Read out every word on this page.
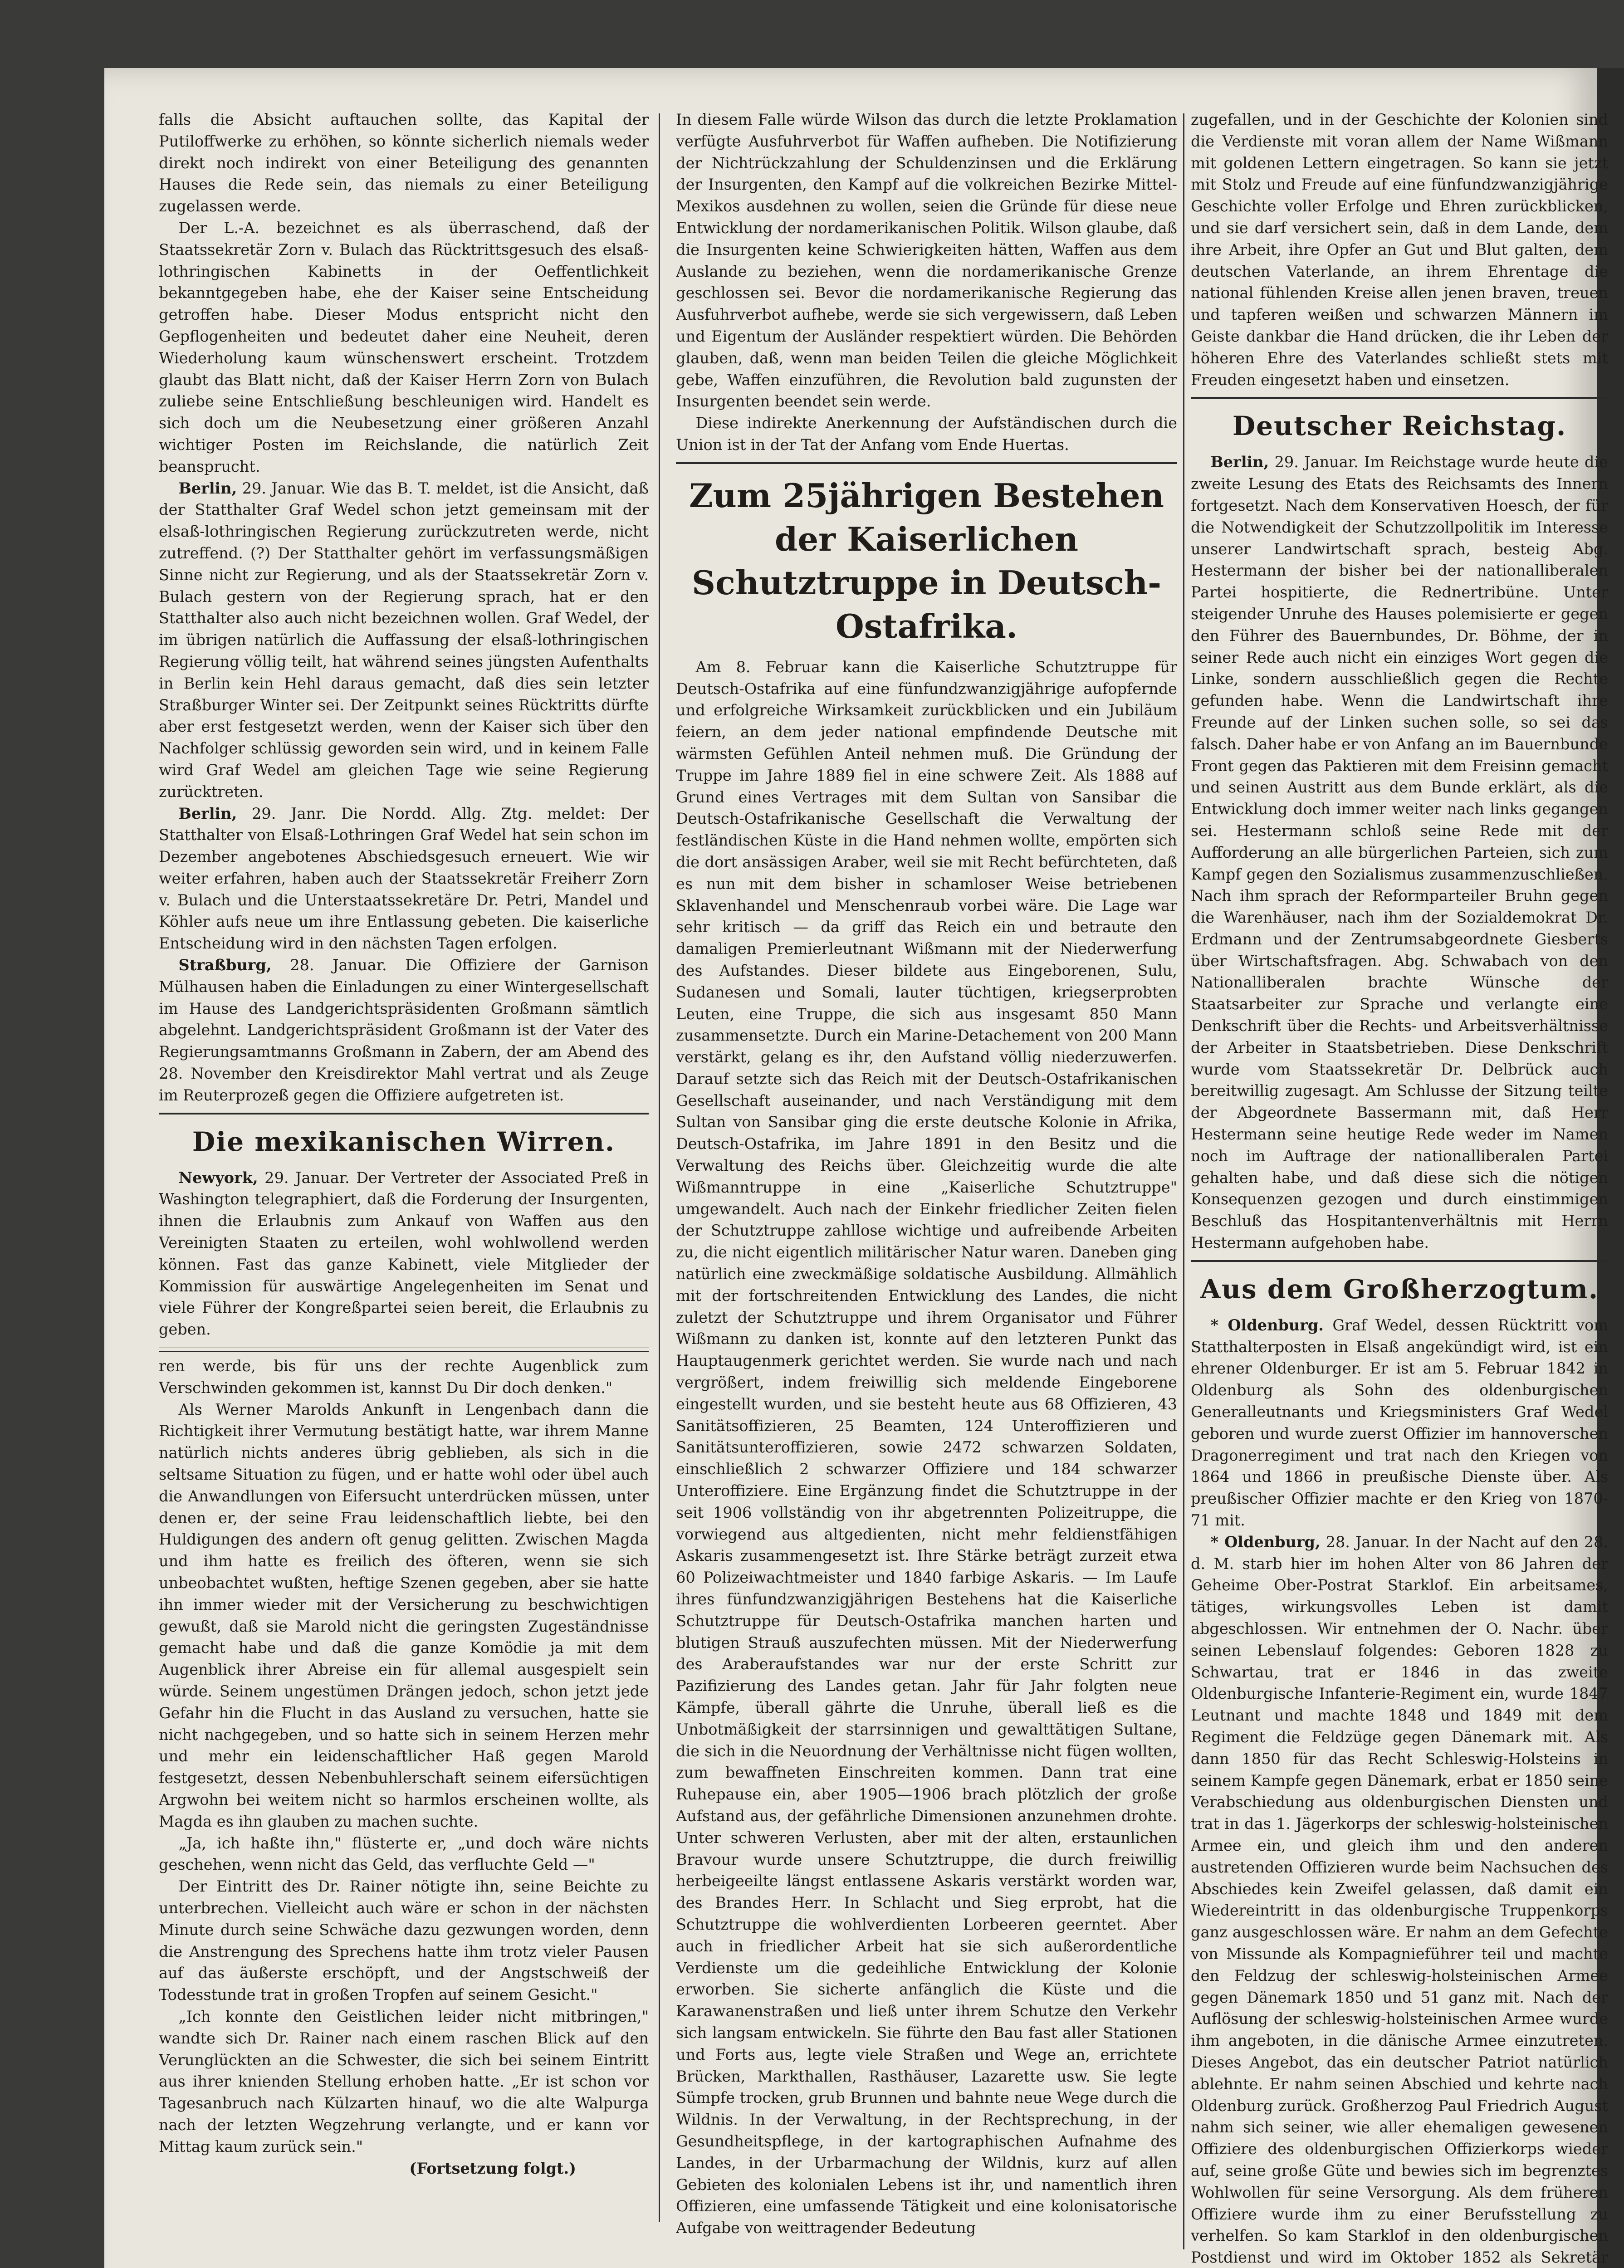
falls die Absicht auftauchen sollte, das Kapital der Putiloffwerke zu erhöhen, so könnte sicherlich niemals weder direkt noch indirekt von einer Beteiligung des genannten Hauses die Rede sein, das niemals zu einer Beteiligung zugelassen werde.

Der L.-A. bezeichnet es als überraschend, daß der Staatssekretär Zorn v. Bulach das Rücktrittsgesuch des elsaß-lothringischen Kabinetts in der Oeffentlichkeit bekanntgegeben habe, ehe der Kaiser seine Entscheidung getroffen habe. Dieser Modus entspricht nicht den Gepflogenheiten und bedeutet daher eine Neuheit, deren Wiederholung kaum wünschenswert erscheint. Trotzdem glaubt das Blatt nicht, daß der Kaiser Herrn Zorn von Bulach zuliebe seine Entschließung beschleunigen wird. Handelt es sich doch um die Neubesetzung einer größeren Anzahl wichtiger Posten im Reichslande, die natürlich Zeit beansprucht.

Berlin, 29. Januar. Wie das B. T. meldet, ist die Ansicht, daß der Statthalter Graf Wedel schon jetzt gemeinsam mit der elsaß-lothringischen Regierung zurückzutreten werde, nicht zutreffend. (?) Der Statthalter gehört im verfassungsmäßigen Sinne nicht zur Regierung, und als der Staatssekretär Zorn v. Bulach gestern von der Regierung sprach, hat er den Statthalter also auch nicht bezeichnen wollen. Graf Wedel, der im übrigen natürlich die Auffassung der elsaß-lothringischen Regierung völlig teilt, hat während seines jüngsten Aufenthalts in Berlin kein Hehl daraus gemacht, daß dies sein letzter Straßburger Winter sei. Der Zeitpunkt seines Rücktritts dürfte aber erst festgesetzt werden, wenn der Kaiser sich über den Nachfolger schlüssig geworden sein wird, und in keinem Falle wird Graf Wedel am gleichen Tage wie seine Regierung zurücktreten.

Berlin, 29. Janr. Die Nordd. Allg. Ztg. meldet: Der Statthalter von Elsaß-Lothringen Graf Wedel hat sein schon im Dezember angebotenes Abschiedsgesuch erneuert. Wie wir weiter erfahren, haben auch der Staatssekretär Freiherr Zorn v. Bulach und die Unterstaatssekretäre Dr. Petri, Mandel und Köhler aufs neue um ihre Entlassung gebeten. Die kaiserliche Entscheidung wird in den nächsten Tagen erfolgen.

Straßburg, 28. Januar. Die Offiziere der Garnison Mülhausen haben die Einladungen zu einer Wintergesellschaft im Hause des Landgerichtspräsidenten Großmann sämtlich abgelehnt. Landgerichtspräsident Großmann ist der Vater des Regierungsamtmanns Großmann in Zabern, der am Abend des 28. November den Kreisdirektor Mahl vertrat und als Zeuge im Reuterprozeß gegen die Offiziere aufgetreten ist.

Die mexikanischen Wirren.

Newyork, 29. Januar. Der Vertreter der Associated Preß in Washington telegraphiert, daß die Forderung der Insurgenten, ihnen die Erlaubnis zum Ankauf von Waffen aus den Vereinigten Staaten zu erteilen, wohl wohlwollend werden können. Fast das ganze Kabinett, viele Mitglieder der Kommission für auswärtige Angelegenheiten im Senat und viele Führer der Kongreßpartei seien bereit, die Erlaubnis zu geben.

ren werde, bis für uns der rechte Augenblick zum Verschwinden gekommen ist, kannst Du Dir doch denken."

Als Werner Marolds Ankunft in Lengenbach dann die Richtigkeit ihrer Vermutung bestätigt hatte, war ihrem Manne natürlich nichts anderes übrig geblieben, als sich in die seltsame Situation zu fügen, und er hatte wohl oder übel auch die Anwandlungen von Eifersucht unterdrücken müssen, unter denen er, der seine Frau leidenschaftlich liebte, bei den Huldigungen des andern oft genug gelitten. Zwischen Magda und ihm hatte es freilich des öfteren, wenn sie sich unbeobachtet wußten, heftige Szenen gegeben, aber sie hatte ihn immer wieder mit der Versicherung zu beschwichtigen gewußt, daß sie Marold nicht die geringsten Zugeständnisse gemacht habe und daß die ganze Komödie ja mit dem Augenblick ihrer Abreise ein für allemal ausgespielt sein würde. Seinem ungestümen Drängen jedoch, schon jetzt jede Gefahr hin die Flucht in das Ausland zu versuchen, hatte sie nicht nachgegeben, und so hatte sich in seinem Herzen mehr und mehr ein leidenschaftlicher Haß gegen Marold festgesetzt, dessen Nebenbuhlerschaft seinem eifersüchtigen Argwohn bei weitem nicht so harmlos erscheinen wollte, als Magda es ihn glauben zu machen suchte.

„Ja, ich haßte ihn," flüsterte er, „und doch wäre nichts geschehen, wenn nicht das Geld, das verfluchte Geld —"

Der Eintritt des Dr. Rainer nötigte ihn, seine Beichte zu unterbrechen. Vielleicht auch wäre er schon in der nächsten Minute durch seine Schwäche dazu gezwungen worden, denn die Anstrengung des Sprechens hatte ihm trotz vieler Pausen auf das äußerste erschöpft, und der Angstschweiß der Todesstunde trat in großen Tropfen auf seinem Gesicht."

„Ich konnte den Geistlichen leider nicht mitbringen," wandte sich Dr. Rainer nach einem raschen Blick auf den Verunglückten an die Schwester, die sich bei seinem Eintritt aus ihrer knienden Stellung erhoben hatte. „Er ist schon vor Tagesanbruch nach Külzarten hinauf, wo die alte Walpurga nach der letzten Wegzehrung verlangte, und er kann vor Mittag kaum zurück sein."

(Fortsetzung folgt.)

In diesem Falle würde Wilson das durch die letzte Proklamation verfügte Ausfuhrverbot für Waffen aufheben. Die Notifizierung der Nichtrückzahlung der Schuldenzinsen und die Erklärung der Insurgenten, den Kampf auf die volkreichen Bezirke Mittel-Mexikos ausdehnen zu wollen, seien die Gründe für diese neue Entwicklung der nordamerikanischen Politik. Wilson glaube, daß die Insurgenten keine Schwierigkeiten hätten, Waffen aus dem Auslande zu beziehen, wenn die nordamerikanische Grenze geschlossen sei. Bevor die nordamerikanische Regierung das Ausfuhrverbot aufhebe, werde sie sich vergewissern, daß Leben und Eigentum der Ausländer respektiert würden. Die Behörden glauben, daß, wenn man beiden Teilen die gleiche Möglichkeit gebe, Waffen einzuführen, die Revolution bald zugunsten der Insurgenten beendet sein werde.

Diese indirekte Anerkennung der Aufständischen durch die Union ist in der Tat der Anfang vom Ende Huertas.

Zum 25jährigen Bestehen der Kaiserlichen Schutztruppe in Deutsch-Ostafrika.

Am 8. Februar kann die Kaiserliche Schutztruppe für Deutsch-Ostafrika auf eine fünfundzwanzigjährige aufopfernde und erfolgreiche Wirksamkeit zurückblicken und ein Jubiläum feiern, an dem jeder national empfindende Deutsche mit wärmsten Gefühlen Anteil nehmen muß. Die Gründung der Truppe im Jahre 1889 fiel in eine schwere Zeit. Als 1888 auf Grund eines Vertrages mit dem Sultan von Sansibar die Deutsch-Ostafrikanische Gesellschaft die Verwaltung der festländischen Küste in die Hand nehmen wollte, empörten sich die dort ansässigen Araber, weil sie mit Recht befürchteten, daß es nun mit dem bisher in schamloser Weise betriebenen Sklavenhandel und Menschenraub vorbei wäre. Die Lage war sehr kritisch — da griff das Reich ein und betraute den damaligen Premierleutnant Wißmann mit der Niederwerfung des Aufstandes. Dieser bildete aus Eingeborenen, Sulu, Sudanesen und Somali, lauter tüchtigen, kriegserprobten Leuten, eine Truppe, die sich aus insgesamt 850 Mann zusammensetzte. Durch ein Marine-Detachement von 200 Mann verstärkt, gelang es ihr, den Aufstand völlig niederzuwerfen. Darauf setzte sich das Reich mit der Deutsch-Ostafrikanischen Gesellschaft auseinander, und nach Verständigung mit dem Sultan von Sansibar ging die erste deutsche Kolonie in Afrika, Deutsch-Ostafrika, im Jahre 1891 in den Besitz und die Verwaltung des Reichs über. Gleichzeitig wurde die alte Wißmanntruppe in eine „Kaiserliche Schutztruppe" umgewandelt. Auch nach der Einkehr friedlicher Zeiten fielen der Schutztruppe zahllose wichtige und aufreibende Arbeiten zu, die nicht eigentlich militärischer Natur waren. Daneben ging natürlich eine zweckmäßige soldatische Ausbildung. Allmählich mit der fortschreitenden Entwicklung des Landes, die nicht zuletzt der Schutztruppe und ihrem Organisator und Führer Wißmann zu danken ist, konnte auf den letzteren Punkt das Hauptaugenmerk gerichtet werden. Sie wurde nach und nach vergrößert, indem freiwillig sich meldende Eingeborene eingestellt wurden, und sie besteht heute aus 68 Offizieren, 43 Sanitätsoffizieren, 25 Beamten, 124 Unteroffizieren und Sanitätsunteroffizieren, sowie 2472 schwarzen Soldaten, einschließlich 2 schwarzer Offiziere und 184 schwarzer Unteroffiziere. Eine Ergänzung findet die Schutztruppe in der seit 1906 vollständig von ihr abgetrennten Polizeitruppe, die vorwiegend aus altgedienten, nicht mehr feldienstfähigen Askaris zusammengesetzt ist. Ihre Stärke beträgt zurzeit etwa 60 Polizeiwachtmeister und 1840 farbige Askaris. — Im Laufe ihres fünfundzwanzigjährigen Bestehens hat die Kaiserliche Schutztruppe für Deutsch-Ostafrika manchen harten und blutigen Strauß auszufechten müssen. Mit der Niederwerfung des Araberaufstandes war nur der erste Schritt zur Pazifizierung des Landes getan. Jahr für Jahr folgten neue Kämpfe, überall gährte die Unruhe, überall ließ es die Unbotmäßigkeit der starrsinnigen und gewalttätigen Sultane, die sich in die Neuordnung der Verhältnisse nicht fügen wollten, zum bewaffneten Einschreiten kommen. Dann trat eine Ruhepause ein, aber 1905—1906 brach plötzlich der große Aufstand aus, der gefährliche Dimensionen anzunehmen drohte. Unter schweren Verlusten, aber mit der alten, erstaunlichen Bravour wurde unsere Schutztruppe, die durch freiwillig herbeigeeilte längst entlassene Askaris verstärkt worden war, des Brandes Herr. In Schlacht und Sieg erprobt, hat die Schutztruppe die wohlverdienten Lorbeeren geerntet. Aber auch in friedlicher Arbeit hat sie sich außerordentliche Verdienste um die gedeihliche Entwicklung der Kolonie erworben. Sie sicherte anfänglich die Küste und die Karawanenstraßen und ließ unter ihrem Schutze den Verkehr sich langsam entwickeln. Sie führte den Bau fast aller Stationen und Forts aus, legte viele Straßen und Wege an, errichtete Brücken, Markthallen, Rasthäuser, Lazarette usw. Sie legte Sümpfe trocken, grub Brunnen und bahnte neue Wege durch die Wildnis. In der Verwaltung, in der Rechtsprechung, in der Gesundheitspflege, in der kartographischen Aufnahme des Landes, in der Urbarmachung der Wildnis, kurz auf allen Gebieten des kolonialen Lebens ist ihr, und namentlich ihren Offizieren, eine umfassende Tätigkeit und eine kolonisatorische Aufgabe von weittragender Bedeutung

zugefallen, und in der Geschichte der Kolonien sind die Verdienste mit voran allem der Name Wißmann mit goldenen Lettern eingetragen. So kann sie jetzt mit Stolz und Freude auf eine fünfundzwanzigjährige Geschichte voller Erfolge und Ehren zurückblicken, und sie darf versichert sein, daß in dem Lande, dem ihre Arbeit, ihre Opfer an Gut und Blut galten, dem deutschen Vaterlande, an ihrem Ehrentage die national fühlenden Kreise allen jenen braven, treuen und tapferen weißen und schwarzen Männern im Geiste dankbar die Hand drücken, die ihr Leben der höheren Ehre des Vaterlandes schließt stets mit Freuden eingesetzt haben und einsetzen.

Deutscher Reichstag.

Berlin, 29. Januar. Im Reichstage wurde heute die zweite Lesung des Etats des Reichsamts des Innern fortgesetzt. Nach dem Konservativen Hoesch, der für die Notwendigkeit der Schutzzollpolitik im Interesse unserer Landwirtschaft sprach, besteig Abg. Hestermann der bisher bei der nationalliberalen Partei hospitierte, die Rednertribüne. Unter steigender Unruhe des Hauses polemisierte er gegen den Führer des Bauernbundes, Dr. Böhme, der in seiner Rede auch nicht ein einziges Wort gegen die Linke, sondern ausschließlich gegen die Rechte gefunden habe. Wenn die Landwirtschaft ihre Freunde auf der Linken suchen solle, so sei das falsch. Daher habe er von Anfang an im Bauernbunde Front gegen das Paktieren mit dem Freisinn gemacht und seinen Austritt aus dem Bunde erklärt, als die Entwicklung doch immer weiter nach links gegangen sei. Hestermann schloß seine Rede mit der Aufforderung an alle bürgerlichen Parteien, sich zum Kampf gegen den Sozialismus zusammenzuschließen. Nach ihm sprach der Reformparteiler Bruhn gegen die Warenhäuser, nach ihm der Sozialdemokrat Dr. Erdmann und der Zentrumsabgeordnete Giesberts über Wirtschaftsfragen. Abg. Schwabach von den Nationalliberalen brachte Wünsche der Staatsarbeiter zur Sprache und verlangte eine Denkschrift über die Rechts- und Arbeitsverhältnisse der Arbeiter in Staatsbetrieben. Diese Denkschrift wurde vom Staatssekretär Dr. Delbrück auch bereitwillig zugesagt. Am Schlusse der Sitzung teilte der Abgeordnete Bassermann mit, daß Herr Hestermann seine heutige Rede weder im Namen noch im Auftrage der nationalliberalen Partei gehalten habe, und daß diese sich die nötigen Konsequenzen gezogen und durch einstimmigen Beschluß das Hospitantenverhältnis mit Herrn Hestermann aufgehoben habe.

Aus dem Großherzogtum.

* Oldenburg. Graf Wedel, dessen Rücktritt vom Statthalterposten in Elsaß angekündigt wird, ist ein ehrener Oldenburger. Er ist am 5. Februar 1842 in Oldenburg als Sohn des oldenburgischen Generalleutnants und Kriegsministers Graf Wedel geboren und wurde zuerst Offizier im hannoverschen Dragonerregiment und trat nach den Kriegen von 1864 und 1866 in preußische Dienste über. Als preußischer Offizier machte er den Krieg von 1870-71 mit.

* Oldenburg, 28. Januar. In der Nacht auf den 28. d. M. starb hier im hohen Alter von 86 Jahren der Geheime Ober-Postrat Starklof. Ein arbeitsames, tätiges, wirkungsvolles Leben ist damit abgeschlossen. Wir entnehmen der O. Nachr. über seinen Lebenslauf folgendes: Geboren 1828 zu Schwartau, trat er 1846 in das zweite Oldenburgische Infanterie-Regiment ein, wurde 1847 Leutnant und machte 1848 und 1849 mit dem Regiment die Feldzüge gegen Dänemark mit. Als dann 1850 für das Recht Schleswig-Holsteins in seinem Kampfe gegen Dänemark, erbat er 1850 seine Verabschiedung aus oldenburgischen Diensten und trat in das 1. Jägerkorps der schleswig-holsteinischen Armee ein, und gleich ihm und den anderen austretenden Offizieren wurde beim Nachsuchen des Abschiedes kein Zweifel gelassen, daß damit ein Wiedereintritt in das oldenburgische Truppenkorps ganz ausgeschlossen wäre. Er nahm an dem Gefechte von Missunde als Kompagnieführer teil und machte den Feldzug der schleswig-holsteinischen Armee gegen Dänemark 1850 und 51 ganz mit. Nach der Auflösung der schleswig-holsteinischen Armee wurde ihm angeboten, in die dänische Armee einzutreten. Dieses Angebot, das ein deutscher Patriot natürlich ablehnte. Er nahm seinen Abschied und kehrte nach Oldenburg zurück. Großherzog Paul Friedrich August nahm sich seiner, wie aller ehemaligen gewesenen Offiziere des oldenburgischen Offizierkorps wieder auf, seine große Güte und bewies sich im begrenztes Wohlwollen für seine Versorgung. Als dem früheren Offiziere wurde ihm zu einer Berufsstellung zu verhelfen. So kam Starklof in den oldenburgischen Postdienst und wird im Oktober 1852 als Sekretär
